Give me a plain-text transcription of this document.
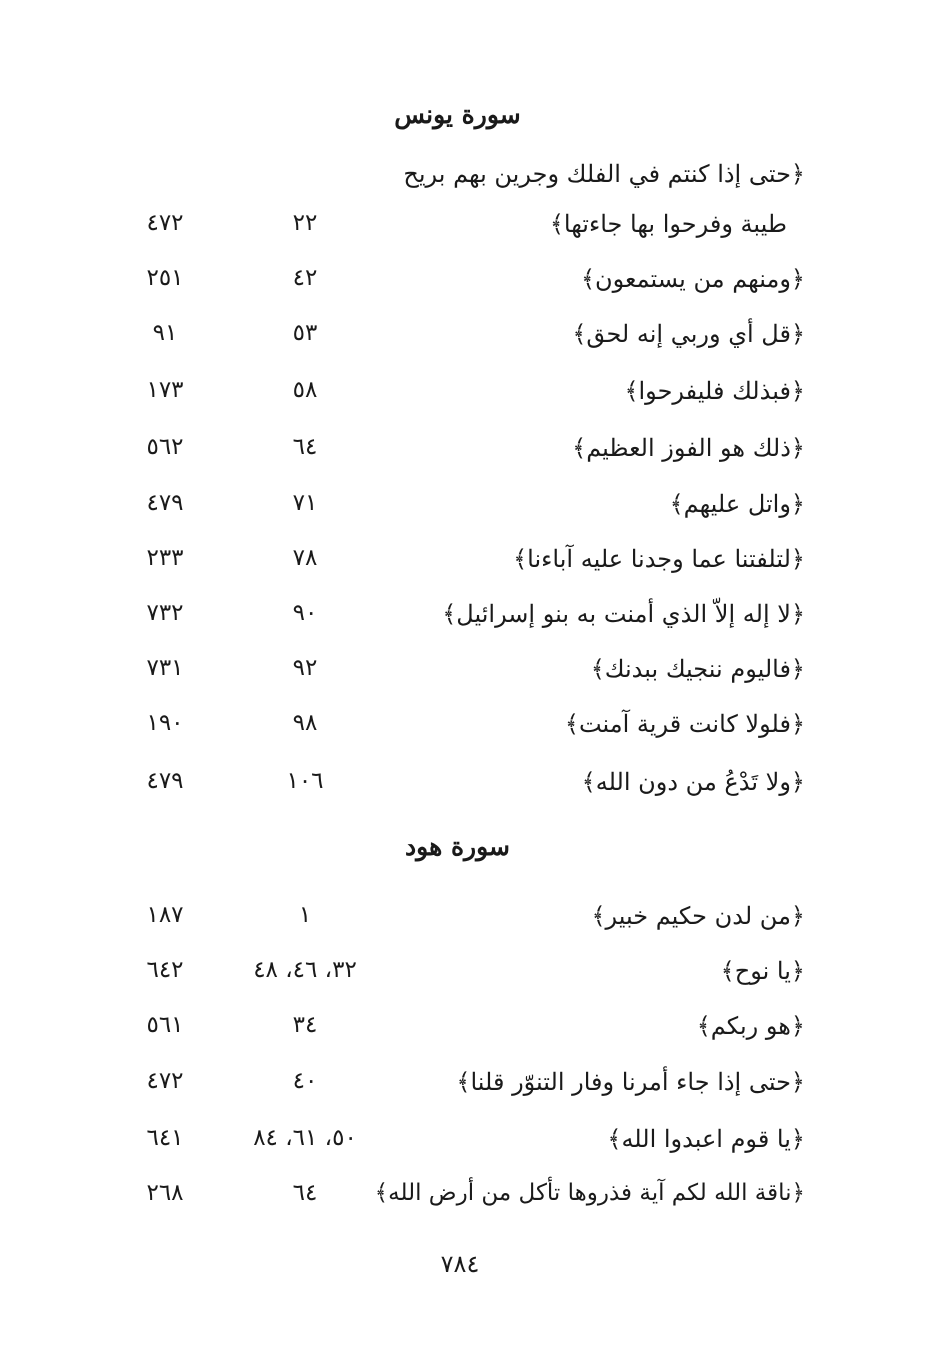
سورة يونس
﴿حتى إذا كنتم في الفلك وجرين بهم بريح
طيبة وفرحوا بها جاءتها﴾
٢٢
٤٧٢
﴿ومنهم من يستمعون﴾
٤٢
٢٥١
﴿قل أي وربي إنه لحق﴾
٥٣
٩١
﴿فبذلك فليفرحوا﴾
٥٨
١٧٣
﴿ذلك هو الفوز العظيم﴾
٦٤
٥٦٢
﴿واتل عليهم﴾
٧١
٤٧٩
﴿لتلفتنا عما وجدنا عليه آباءنا﴾
٧٨
٢٣٣
﴿لا إله إلاّ الذي أمنت به بنو إسرائيل﴾
٩٠
٧٣٢
﴿فاليوم ننجيك ببدنك﴾
٩٢
٧٣١
﴿فلولا كانت قرية آمنت﴾
٩٨
١٩٠
﴿ولا تَدْعُ من دون الله﴾
١٠٦
٤٧٩
سورة هود
﴿من لدن حكيم خبير﴾
١
١٨٧
﴿يا نوح﴾
٣٢، ٤٦، ٤٨
٦٤٢
﴿هو ربكم﴾
٣٤
٥٦١
﴿حتى إذا جاء أمرنا وفار التنوّر قلنا﴾
٤٠
٤٧٢
﴿يا قوم اعبدوا الله﴾
٥٠، ٦١، ٨٤
٦٤١
﴿ناقة الله لكم آية فذروها تأكل من أرض الله﴾
٦٤
٢٦٨
٧٨٤
